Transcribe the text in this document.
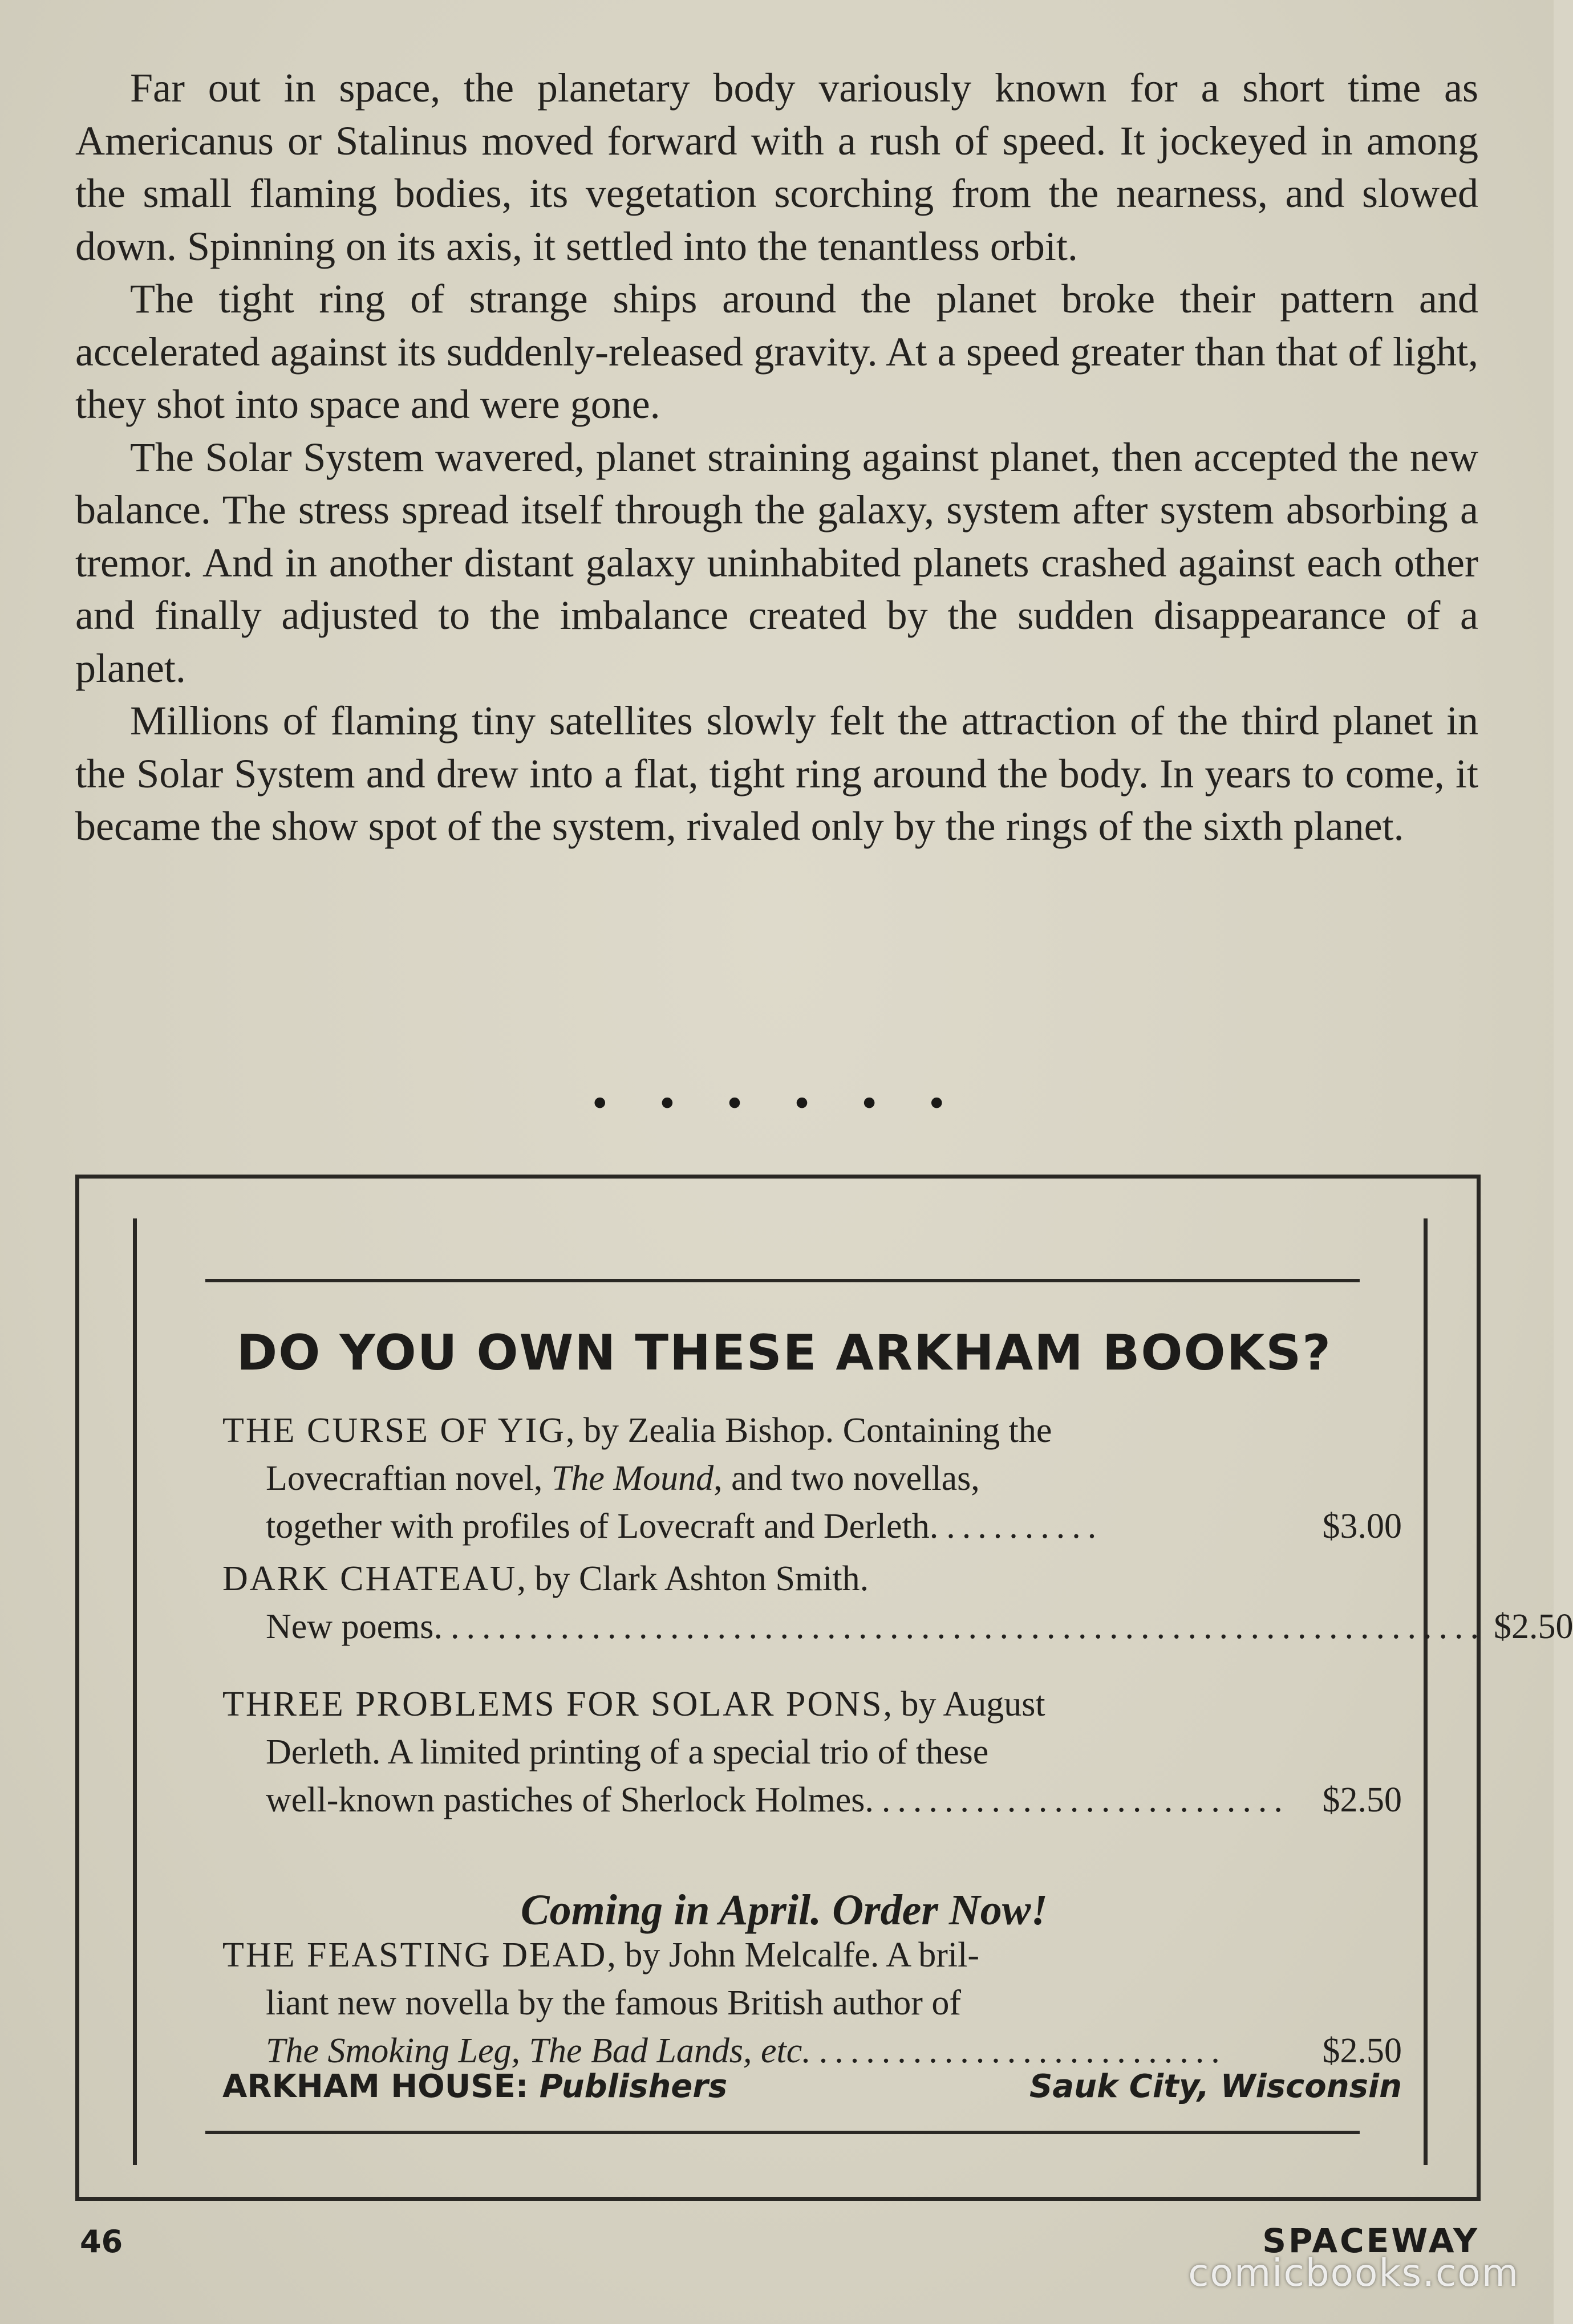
Far out in space, the planetary body variously known for a short time as Americanus or Stalinus moved forward with a rush of speed. It jockeyed in among the small flaming bodies, its vegetation scorching from the nearness, and slowed down. Spinning on its axis, it settled into the tenantless orbit.

The tight ring of strange ships around the planet broke their pattern and accelerated against its suddenly-released gravity. At a speed greater than that of light, they shot into space and were gone.

The Solar System wavered, planet straining against planet, then accepted the new balance. The stress spread itself through the galaxy, system after system absorbing a tremor. And in another distant galaxy uninhabited planets crashed against each other and finally adjusted to the imbalance created by the sudden disappearance of a planet.

Millions of flaming tiny satellites slowly felt the attraction of the third planet in the Solar System and drew into a flat, tight ring around the body. In years to come, it became the show spot of the system, rivaled only by the rings of the sixth planet.

• • • • • •
DO YOU OWN THESE ARKHAM BOOKS?
THE CURSE OF YIG, by Zealia Bishop. Containing the
Lovecraftian novel, The Mound, and two novellas,
together with profiles of Lovecraft and Derleth. ..........	$3.00
DARK CHATEAU, by Clark Ashton Smith.
New poems. .................................................................. $2.50
THREE PROBLEMS FOR SOLAR PONS, by August
Derleth. A limited printing of a special trio of these
well-known pastiches of Sherlock Holmes. .......................... $2.50
Coming in April. Order Now!
THE FEASTING DEAD, by John Melcalfe. A bril-
liant new novella by the famous British author of
The Smoking Leg, The Bad Lands, etc. ..........................	$2.50
ARKHAM HOUSE: Publishers	Sauk City, Wisconsin
46	SPACEWAY
comicbooks.com
